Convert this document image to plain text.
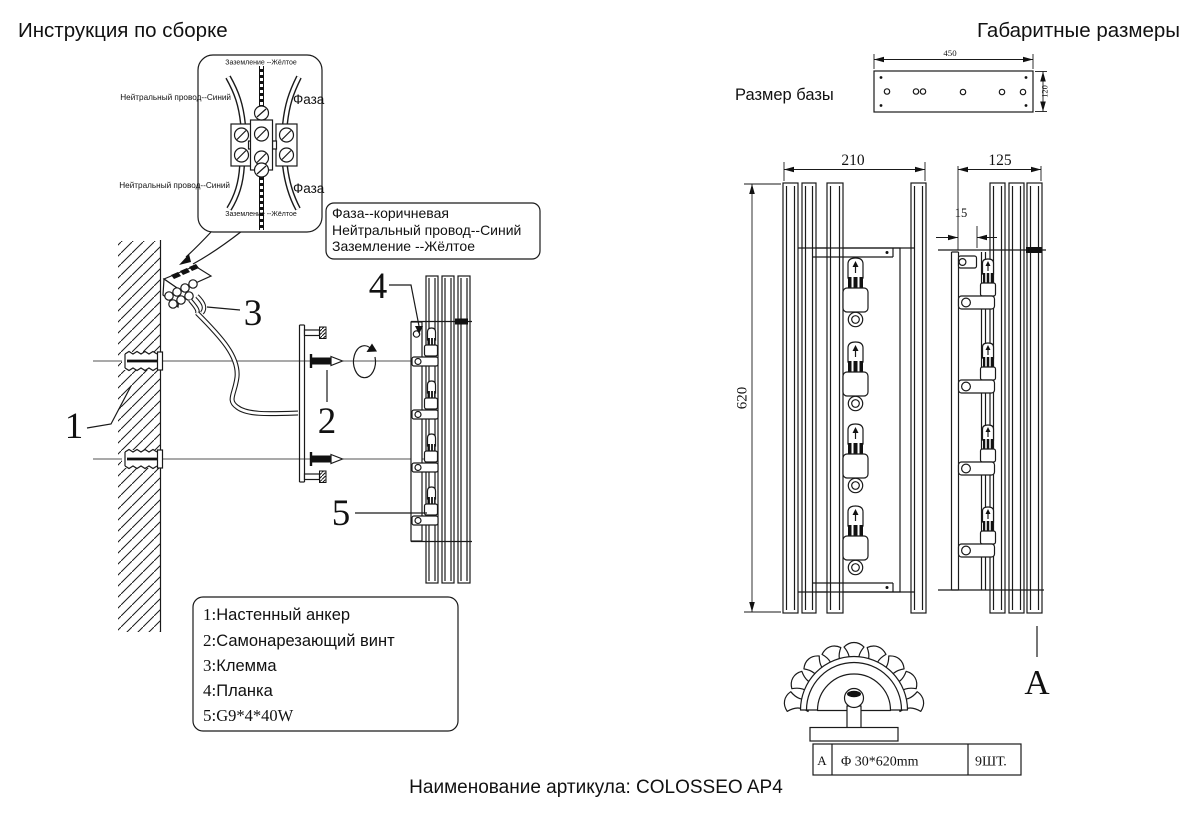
Инструкция по сборке
Заземление --Жёлтое
Нейтральный провод--Синий	Фаза
Нейтральный провод--Синий	Фаза
Заземление --Жёлтое	Фаза--коричневая
Нейтральный провод--Синий
Заземление --Жёлтое
1
3
2
4
5
1:Настенный анкер
2:Самонарезающий винт
3:Клемма
4:Планка
5:G9*4*40W
Габаритные размеры
Размер базы
450
120
210
620
125
15
A
A Φ 30*620mm	9ШТ.
Наименование артикула: COLOSSEO AP4
